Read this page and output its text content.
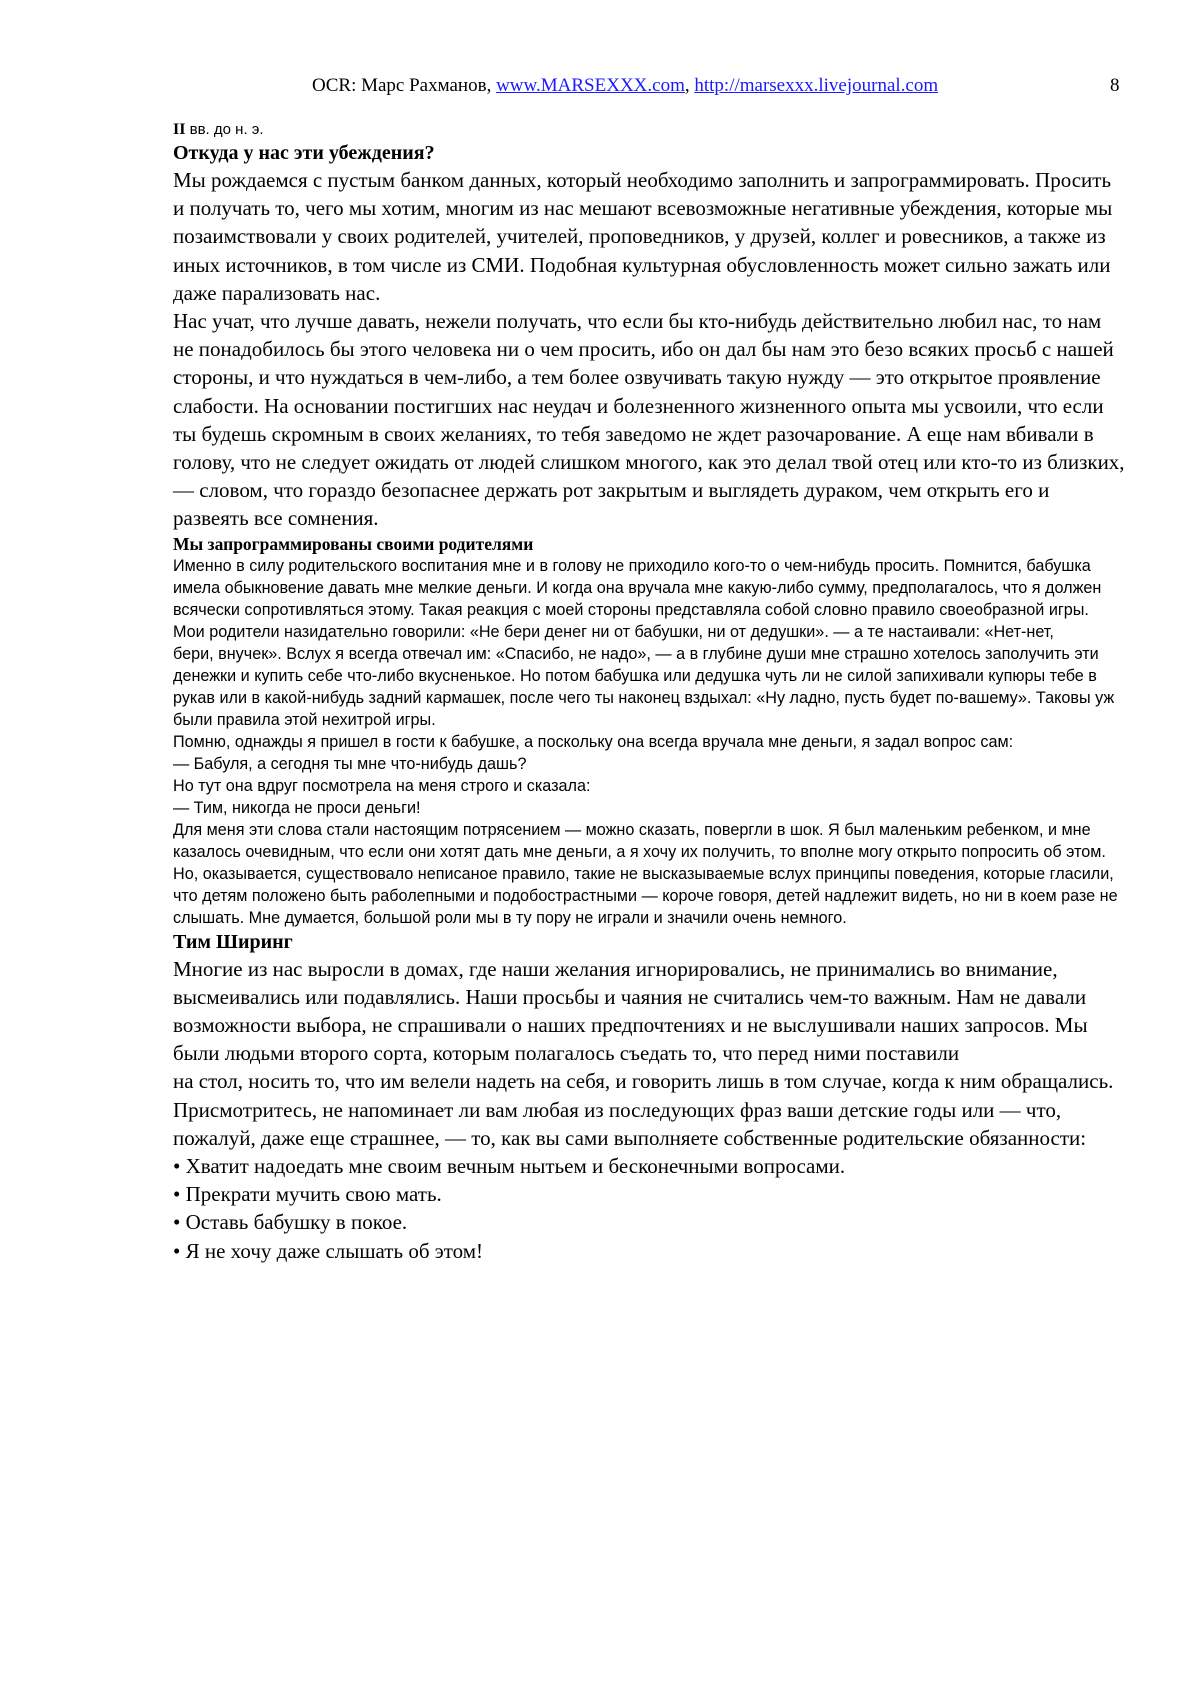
OCR: Марс Рахманов, www.MARSEXXX.com, http://marsexxx.livejournal.com	8
II вв. до н. э.
Откуда у нас эти убеждения?

Мы рождаемся с пустым банком данных, который необходимо заполнить и запрограммировать. Просить и получать то, чего мы хотим, многим из нас мешают всевозможные негативные убеждения, которые мы позаимствовали у своих родителей, учителей, проповедников, у друзей, коллег и ровесников, а также из иных источников, в том числе из СМИ. Подобная культурная обусловленность может сильно зажать или даже парализовать нас.

Нас учат, что лучше давать, нежели получать, что если бы кто-нибудь действительно любил нас, то нам не понадобилось бы этого человека ни о чем просить, ибо он дал бы нам это безо всяких просьб с нашей стороны, и что нуждаться в чем-либо, а тем более озвучивать такую нужду — это открытое проявление слабости. На основании постигших нас неудач и болезненного жизненного опыта мы усвоили, что если ты будешь скромным в своих желаниях, то тебя заведомо не ждет разочарование. А еще нам вбивали в голову, что не следует ожидать от людей слишком многого, как это делал твой отец или кто-то из близких, — словом, что гораздо безопаснее держать рот закрытым и выглядеть дураком, чем открыть его и развеять все сомнения.

Мы запрограммированы своими родителями

Именно в силу родительского воспитания мне и в голову не приходило кого-то о чем-нибудь просить. Помнится, бабушка имела обыкновение давать мне мелкие деньги. И когда она вручала мне какую-либо сумму, предполагалось, что я должен всячески сопротивляться этому. Такая реакция с моей стороны представляла собой словно правило своеобразной игры. Мои родители назидательно говорили: «Не бери денег ни от бабушки, ни от дедушки». — а те настаивали: «Нет-нет,

бери, внучек». Вслух я всегда отвечал им: «Спасибо, не надо», — а в глубине души мне страшно хотелось заполучить эти денежки и купить себе что-либо вкусненькое. Но потом бабушка или дедушка чуть ли не силой запихивали купюры тебе в рукав или в какой-нибудь задний кармашек, после чего ты наконец вздыхал: «Ну ладно, пусть будет по-вашему». Таковы уж были правила этой нехитрой игры.

Помню, однажды я пришел в гости к бабушке, а поскольку она всегда вручала мне деньги, я задал вопрос сам:

— Бабуля, а сегодня ты мне что-нибудь дашь?

Но тут она вдруг посмотрела на меня строго и сказала:

— Тим, никогда не проси деньги!

Для меня эти слова стали настоящим потрясением — можно сказать, повергли в шок. Я был маленьким ребенком, и мне казалось очевидным, что если они хотят дать мне деньги, а я хочу их получить, то вполне могу открыто попросить об этом. Но, оказывается, существовало неписаное правило, такие не высказываемые вслух принципы поведения, которые гласили, что детям положено быть раболепными и подобострастными — короче говоря, детей надлежит видеть, но ни в коем разе не слышать. Мне думается, большой роли мы в ту пору не играли и значили очень немного.

Тим Ширинг

Многие из нас выросли в домах, где наши желания игнорировались, не принимались во внимание, высмеивались или подавлялись. Наши просьбы и чаяния не считались чем-то важным. Нам не давали возможности выбора, не спрашивали о наших предпочтениях и не выслушивали наших запросов. Мы были людьми второго сорта, которым полагалось съедать то, что перед ними поставили

на стол, носить то, что им велели надеть на себя, и говорить лишь в том случае, когда к ним обращались.

Присмотритесь, не напоминает ли вам любая из последующих фраз ваши детские годы или — что, пожалуй, даже еще страшнее, — то, как вы сами выполняете собственные родительские обязанности:

• Хватит надоедать мне своим вечным нытьем и бесконечными вопросами.
• Прекрати мучить свою мать.
• Оставь бабушку в покое.
• Я не хочу даже слышать об этом!
